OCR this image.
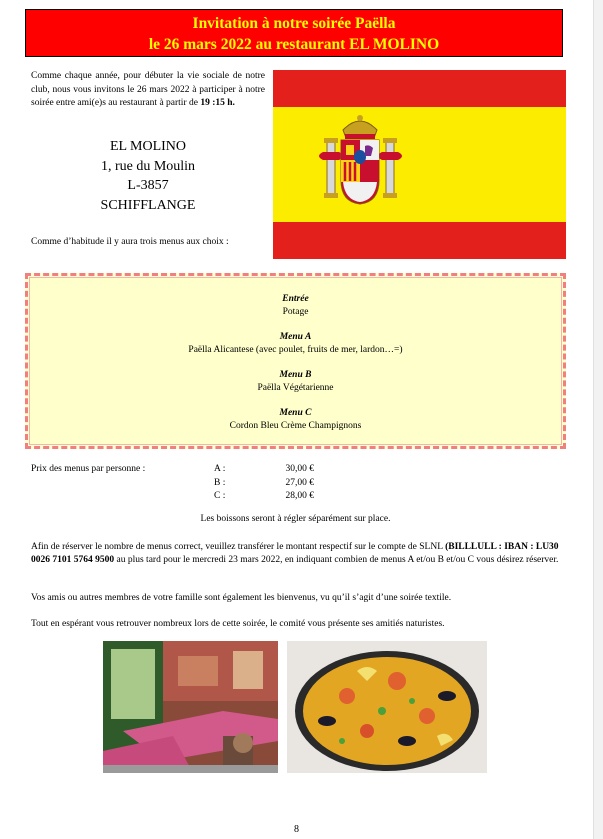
Invitation à notre soirée Paëlla
le 26 mars 2022 au restaurant EL MOLINO
Comme chaque année, pour débuter la vie sociale de notre club, nous vous invitons le 26 mars 2022 à participer à notre soirée entre ami(e)s au restaurant à partir de 19 :15 h.
EL MOLINO
1, rue du Moulin
L-3857
SCHIFFLANGE
Comme d’habitude il y aura trois menus aux choix :
Entrée
Potage
Menu A
Paëlla Alicantese (avec poulet, fruits de mer, lardon…=)
Menu B
Paëlla Végétarienne
Menu C
Cordon Bleu Crème Champignons
Prix des menus par personne :	A :	30,00 €
B :	27,00 €
C :	28,00 €
Les boissons seront à régler séparément sur place.
Afin de réserver le nombre de menus correct, veuillez transférer le montant respectif sur le compte de SLNL (BILLLULL : IBAN : LU30 0026 7101 5764 9500 au plus tard pour le mercredi 23 mars 2022, en indiquant combien de menus A et/ou B et/ou C vous désirez réserver.
Vos amis ou autres membres de votre famille sont également les bienvenus, vu qu’il s’agit d’une soirée textile.
Tout en espérant vous retrouver nombreux lors de cette soirée, le comité vous présente ses amitiés naturistes.
8
